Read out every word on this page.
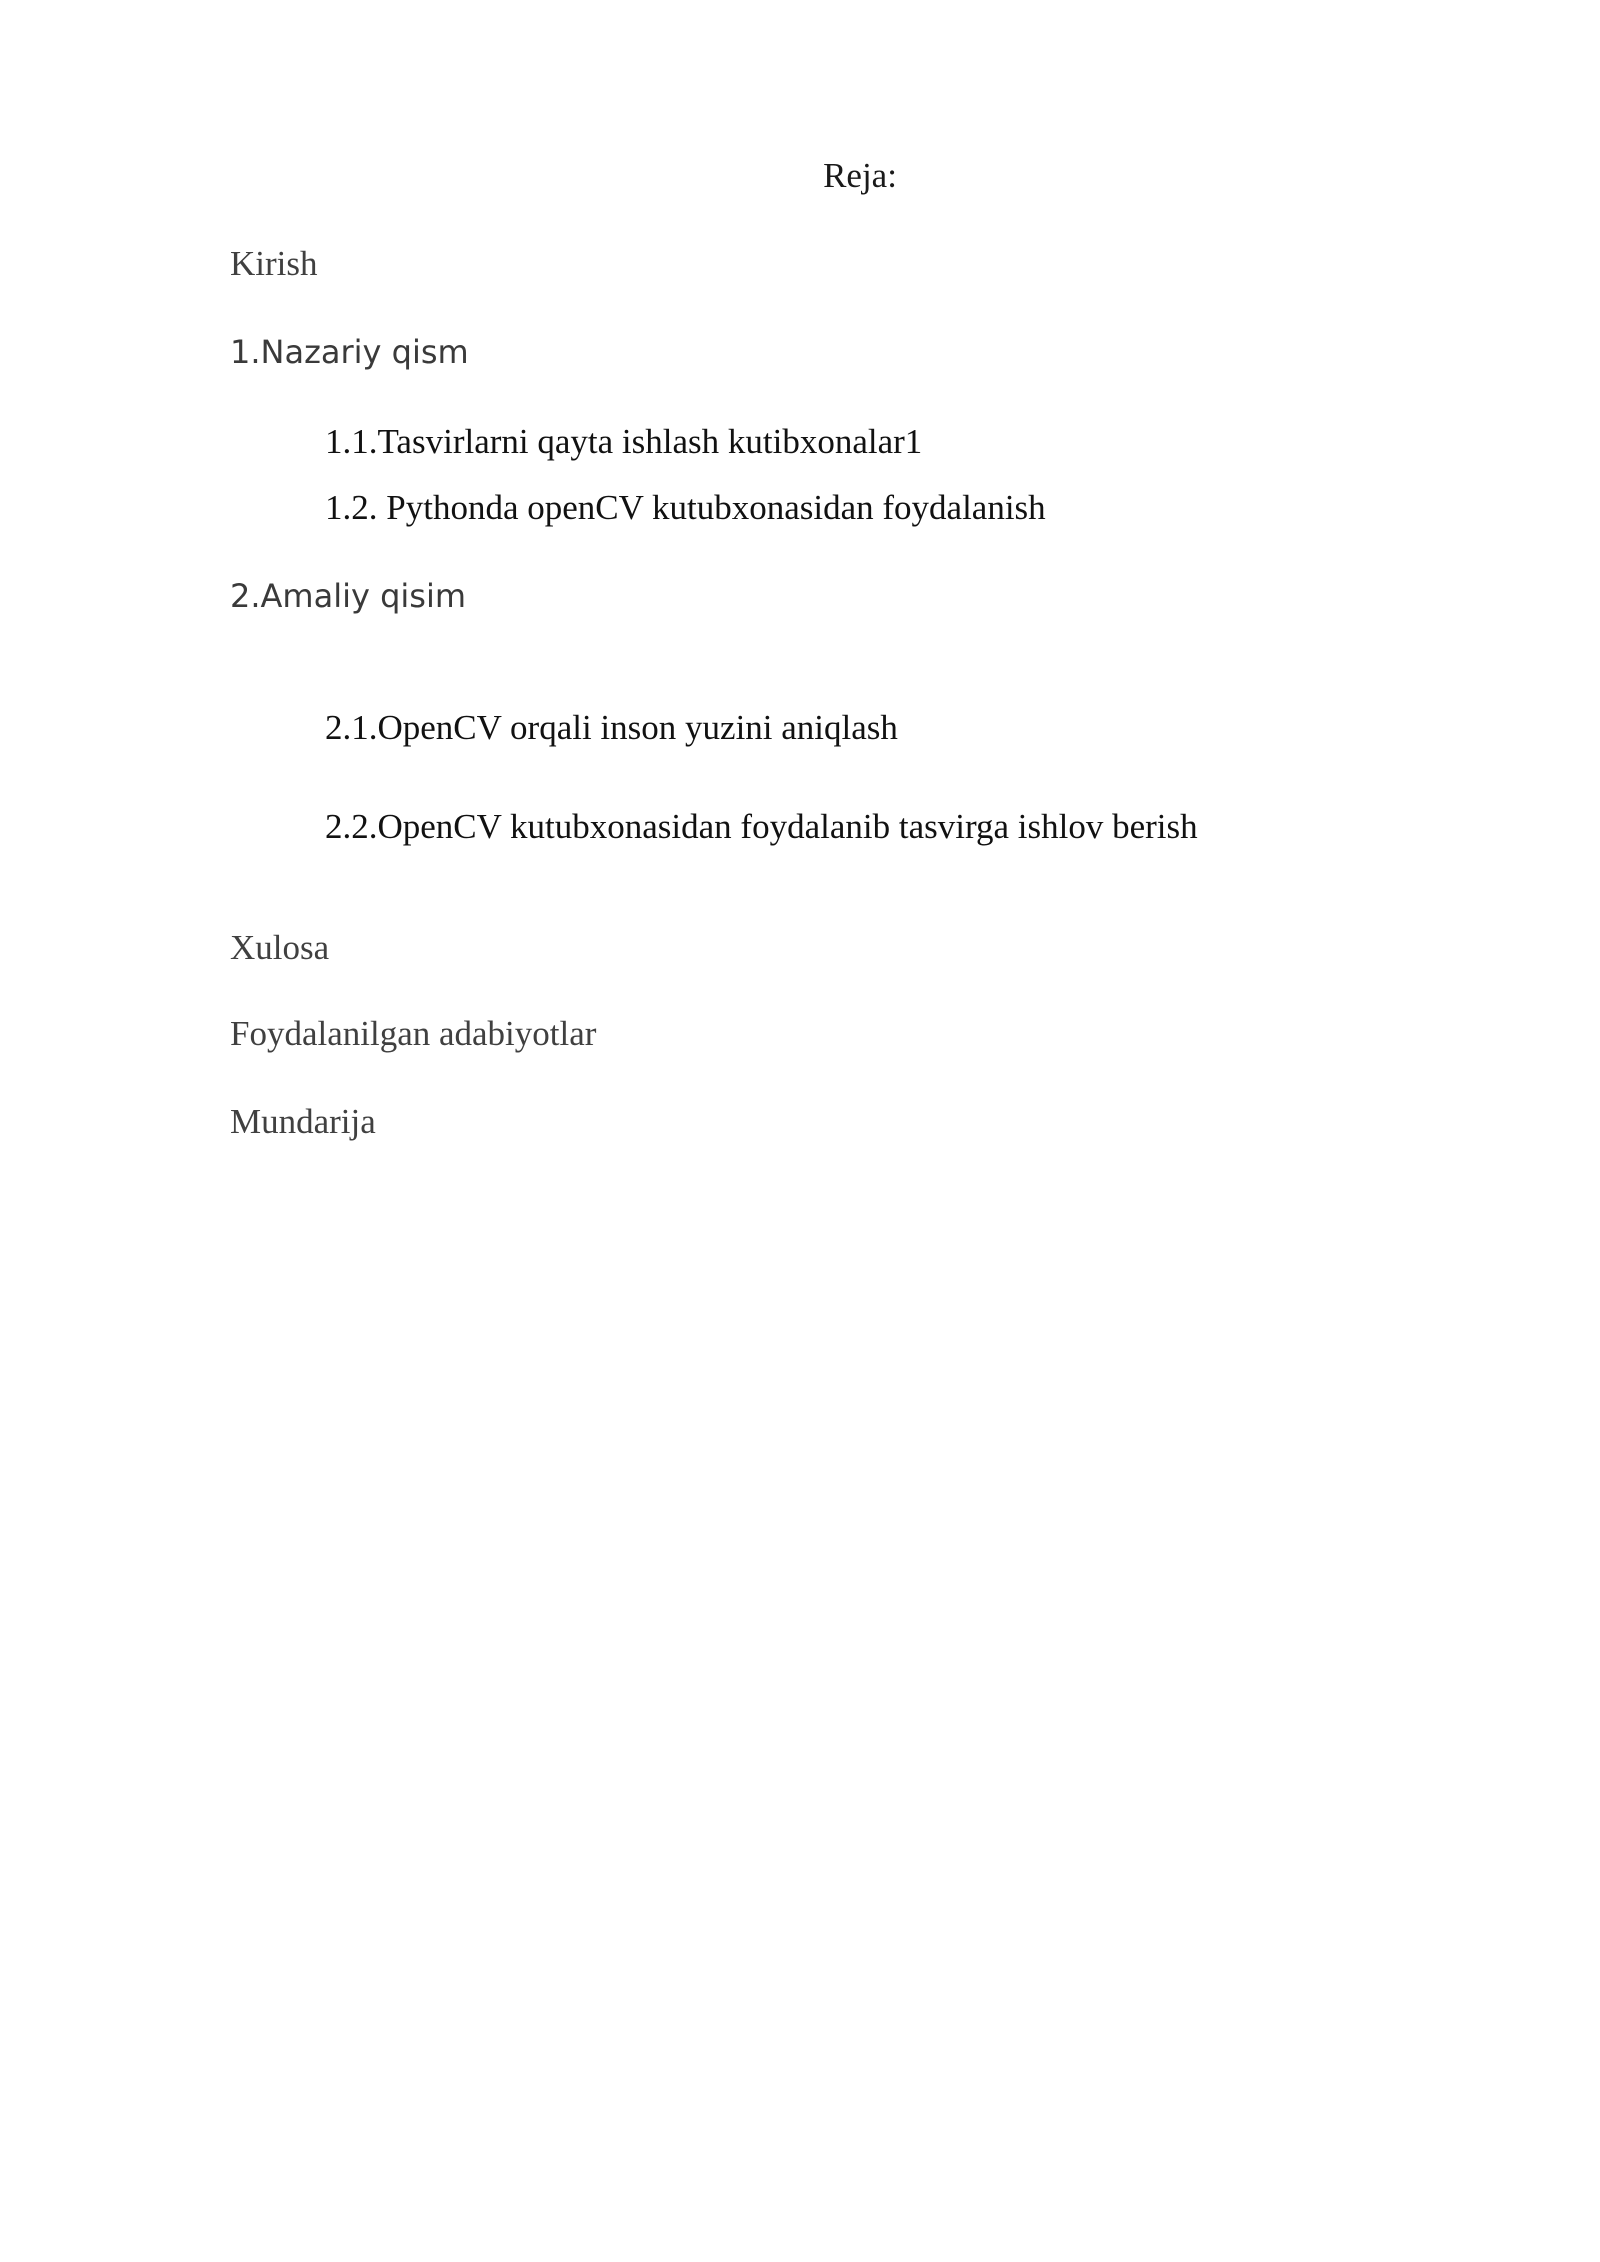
Reja:
Kirish
1.Nazariy qism
1.1.Tasvirlarni qayta ishlash kutibxonalar1
1.2. Pythonda openCV kutubxonasidan foydalanish
2.Amaliy qisim
2.1.OpenCV orqali inson yuzini aniqlash
2.2.OpenCV kutubxonasidan foydalanib tasvirga ishlov berish
Xulosa
Foydalanilgan adabiyotlar
Mundarija
